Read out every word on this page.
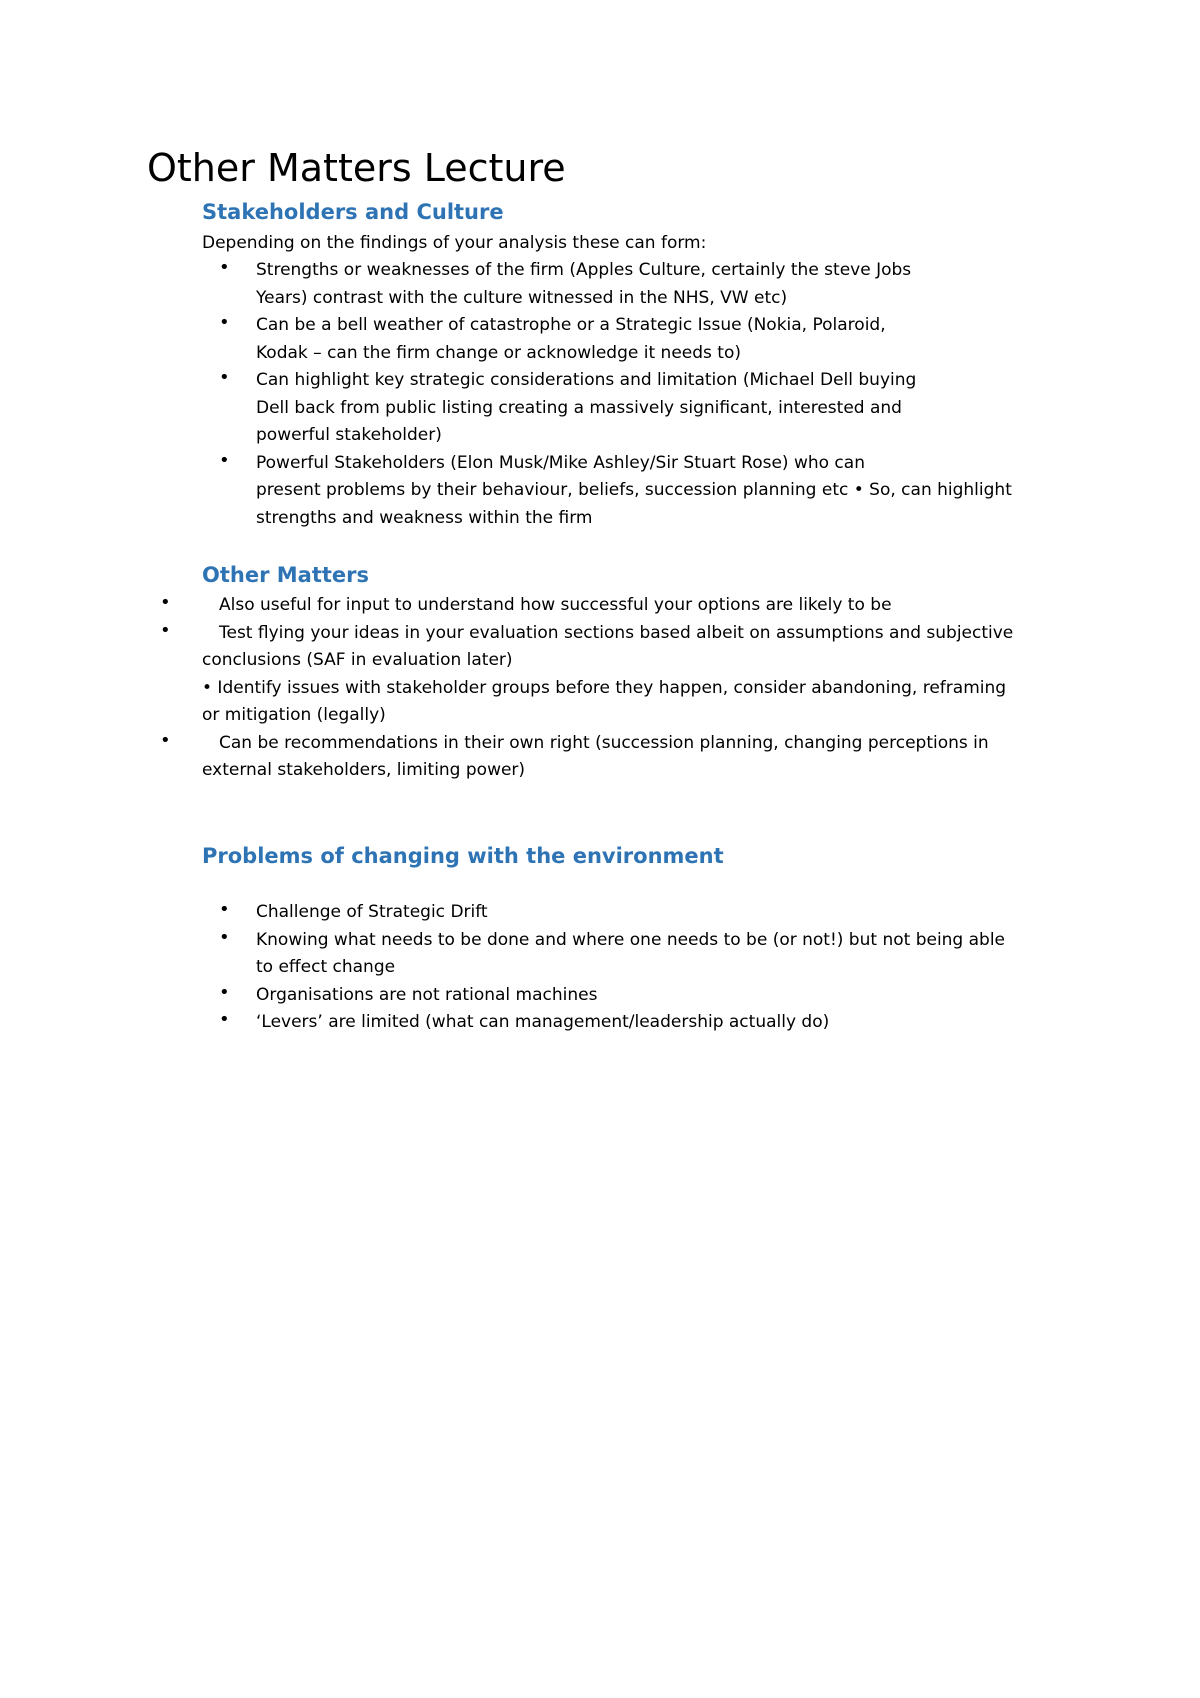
Other Matters Lecture
Stakeholders and Culture

Depending on the findings of your analysis these can form:

• Strengths or weaknesses of the firm (Apples Culture, certainly the steve Jobs
Years) contrast with the culture witnessed in the NHS, VW etc)
• Can be a bell weather of catastrophe or a Strategic Issue (Nokia, Polaroid,
Kodak – can the firm change or acknowledge it needs to)
• Can highlight key strategic considerations and limitation (Michael Dell buying
Dell back from public listing creating a massively significant, interested and
powerful stakeholder)
• Powerful Stakeholders (Elon Musk/Mike Ashley/Sir Stuart Rose) who can
present problems by their behaviour, beliefs, succession planning etc • So, can highlight
strengths and weakness within the firm
Other Matters
•	Also useful for input to understand how successful your options are likely to be
•	Test flying your ideas in your evaluation sections based albeit on assumptions and subjective
conclusions (SAF in evaluation later)
• Identify issues with stakeholder groups before they happen, consider abandoning, reframing
or mitigation (legally)
•	Can be recommendations in their own right (succession planning, changing perceptions in
external stakeholders, limiting power)
Problems of changing with the environment
• Challenge of Strategic Drift
• Knowing what needs to be done and where one needs to be (or not!) but not being able
to effect change
• Organisations are not rational machines
• ‘Levers’ are limited (what can management/leadership actually do)
